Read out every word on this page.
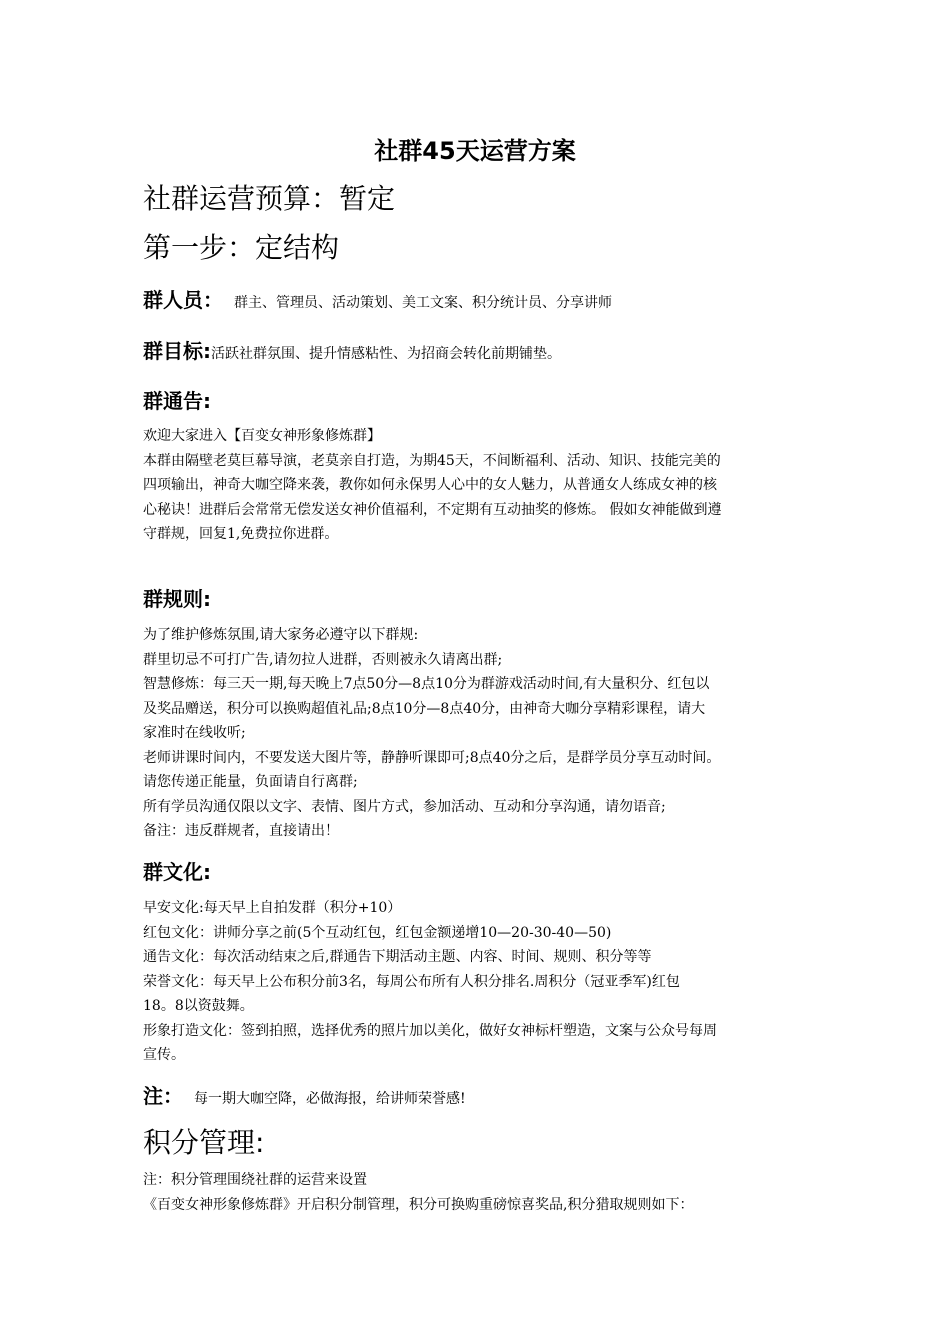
社群45天运营方案
社群运营预算：暂定
第一步：定结构
群人员： 群主、管理员、活动策划、美工文案、积分统计员、分享讲师
群目标:活跃社群氛围、提升情感粘性、为招商会转化前期铺垫。
群通告:
欢迎大家进入【百变女神形象修炼群】
本群由隔壁老莫巨幕导演，老莫亲自打造，为期45天，不间断福利、活动、知识、技能完美的
四项输出，神奇大咖空降来袭，教你如何永保男人心中的女人魅力，从普通女人练成女神的核
心秘诀！进群后会常常无偿发送女神价值福利，不定期有互动抽奖的修炼。 假如女神能做到遵
守群规，回复1,免费拉你进群。
群规则:
为了维护修炼氛围,请大家务必遵守以下群规:
群里切忌不可打广告,请勿拉人进群，否则被永久请离出群;
智慧修炼：每三天一期,每天晚上7点50分—8点10分为群游戏活动时间,有大量积分、红包以
及奖品赠送，积分可以换购超值礼品;8点10分—8点40分，由神奇大咖分享精彩课程，请大
家准时在线收听;
老师讲课时间内，不要发送大图片等，静静听课即可;8点40分之后，是群学员分享互动时间。
请您传递正能量，负面请自行离群;
所有学员沟通仅限以文字、表情、图片方式，参加活动、互动和分享沟通，请勿语音;
备注：违反群规者，直接请出！
群文化:
早安文化:每天早上自拍发群（积分+10）
红包文化：讲师分享之前(5个互动红包，红包金额递增10—20-30-40—50)
通告文化：每次活动结束之后,群通告下期活动主题、内容、时间、规则、积分等等
荣誉文化：每天早上公布积分前3名，每周公布所有人积分排名.周积分（冠亚季军)红包
18。8以资鼓舞。
形象打造文化：签到拍照，选择优秀的照片加以美化，做好女神标杆塑造，文案与公众号每周
宣传。
注： 每一期大咖空降，必做海报，给讲师荣誉感!
积分管理:
注：积分管理围绕社群的运营来设置
《百变女神形象修炼群》开启积分制管理，积分可换购重磅惊喜奖品,积分猎取规则如下：
